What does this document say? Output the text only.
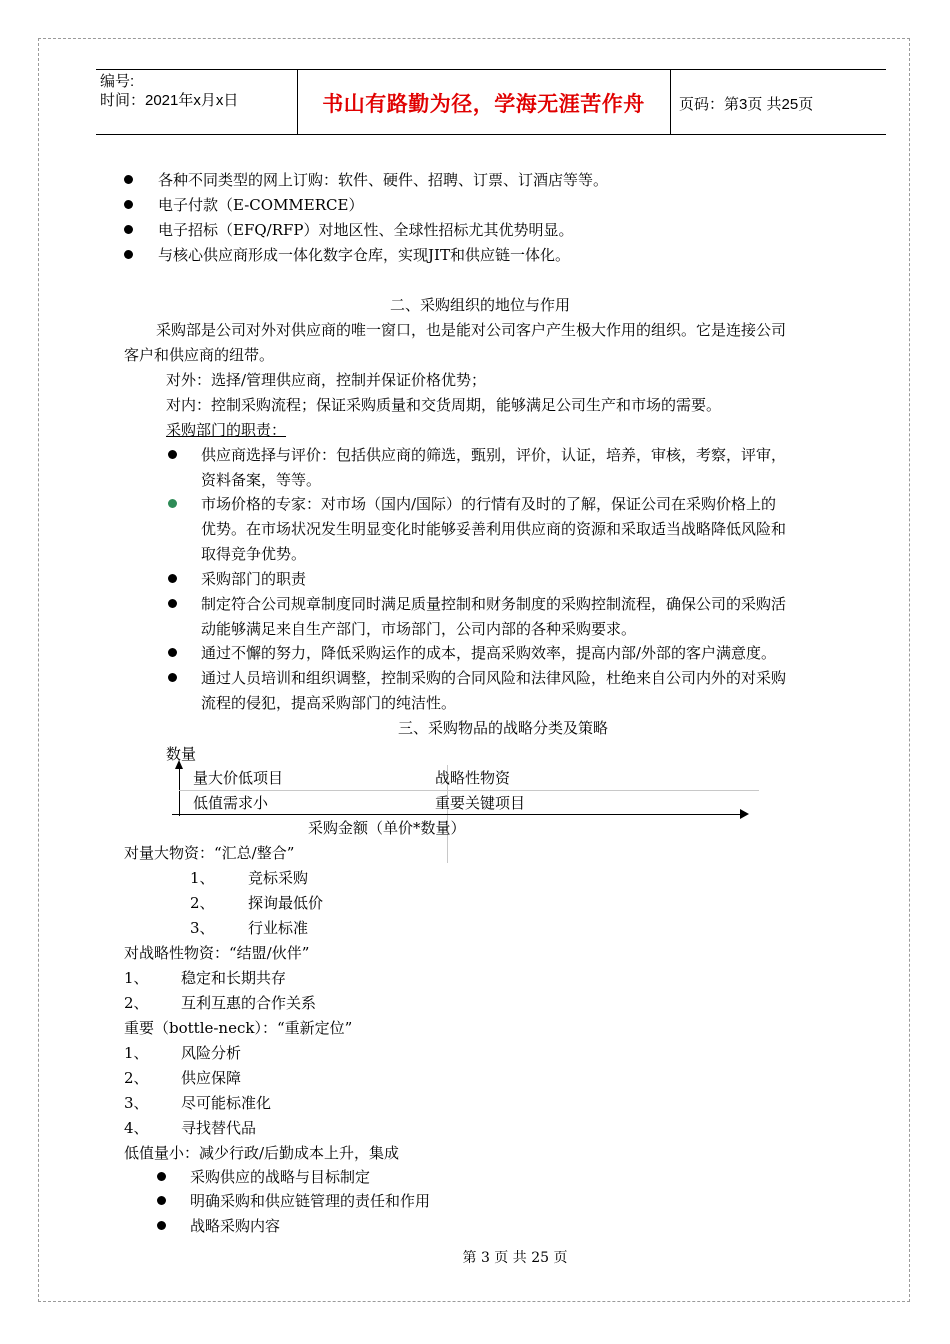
编号:
时间：2021年x月x日	书山有路勤为径，学海无涯苦作舟	页码：第3页 共25页
各种不同类型的网上订购：软件、硬件、招聘、订票、订酒店等等。
电子付款（E-COMMERCE）
电子招标（EFQ/RFP）对地区性、全球性招标尤其优势明显。
与核心供应商形成一体化数字仓库，实现JIT和供应链一体化。
二、采购组织的地位与作用
采购部是公司对外对供应商的唯一窗口，也是能对公司客户产生极大作用的组织。它是连接公司
客户和供应商的纽带。
对外：选择/管理供应商，控制并保证价格优势；
对内：控制采购流程；保证采购质量和交货周期，能够满足公司生产和市场的需要。
采购部门的职责：
供应商选择与评价：包括供应商的筛选，甄别，评价，认证，培养，审核，考察，评审，
资料备案，等等。
市场价格的专家：对市场（国内/国际）的行情有及时的了解，保证公司在采购价格上的
优势。在市场状况发生明显变化时能够妥善利用供应商的资源和采取适当战略降低风险和
取得竞争优势。
采购部门的职责
制定符合公司规章制度同时满足质量控制和财务制度的采购控制流程，确保公司的采购活
动能够满足来自生产部门，市场部门，公司内部的各种采购要求。
通过不懈的努力，降低采购运作的成本，提高采购效率，提高内部/外部的客户满意度。
通过人员培训和组织调整，控制采购的合同风险和法律风险，杜绝来自公司内外的对采购
流程的侵犯，提高采购部门的纯洁性。
三、采购物品的战略分类及策略
数量
量大价低项目	战略性物资
低值需求小	重要关键项目
采购金额（单价*数量）
对量大物资：“汇总/整合”
1、 竞标采购
2、 探询最低价
3、 行业标准
对战略性物资：“结盟/伙伴”
1、 稳定和长期共存
2、 互利互惠的合作关系
重要（bottle-neck）：“重新定位”
1、 风险分析
2、 供应保障
3、 尽可能标准化
4、 寻找替代品
低值量小：减少行政/后勤成本上升，集成
采购供应的战略与目标制定
明确采购和供应链管理的责任和作用
战略采购内容
第 3 页 共 25 页
